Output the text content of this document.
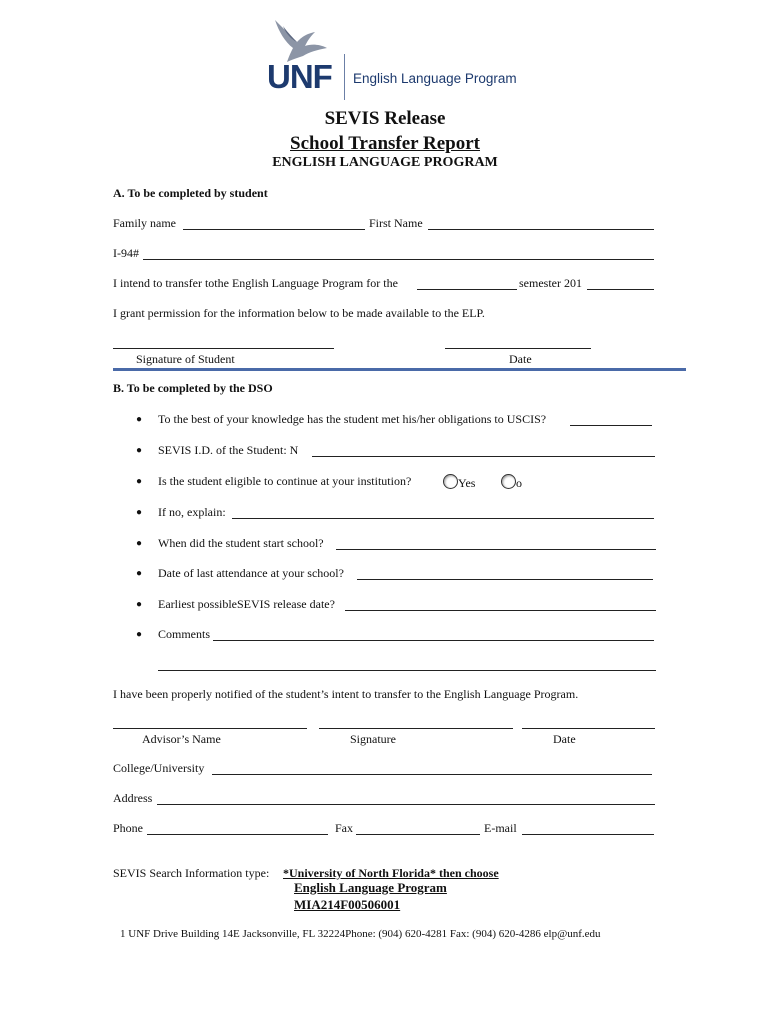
UNF English Language Program
SEVIS Release
School Transfer Report
ENGLISH LANGUAGE PROGRAM
A. To be completed by student
Family name	First Name
I-94#
I intend to transfer tothe English Language Program for the	semester 201
I grant permission for the information below to be made available to the ELP.
Signature of Student	Date
B. To be completed by the DSO
● To the best of your knowledge has the student met his/her obligations to USCIS?
● SEVIS I.D. of the Student: N
● Is the student eligible to continue at your institution?	Yes	o
● If no, explain:
● When did the student start school?
● Date of last attendance at your school?
● Earliest possibleSEVIS release date?
● Comments
I have been properly notified of the student’s intent to transfer to the English Language Program.
Advisor’s Name	Signature	Date
College/University
Address
Phone	Fax	E-mail
SEVIS Search Information type: *University of North Florida* then choose
English Language Program
MIA214F00506001
1 UNF Drive Building 14E Jacksonville, FL 32224Phone: (904) 620-4281 Fax: (904) 620-4286 elp@unf.edu
